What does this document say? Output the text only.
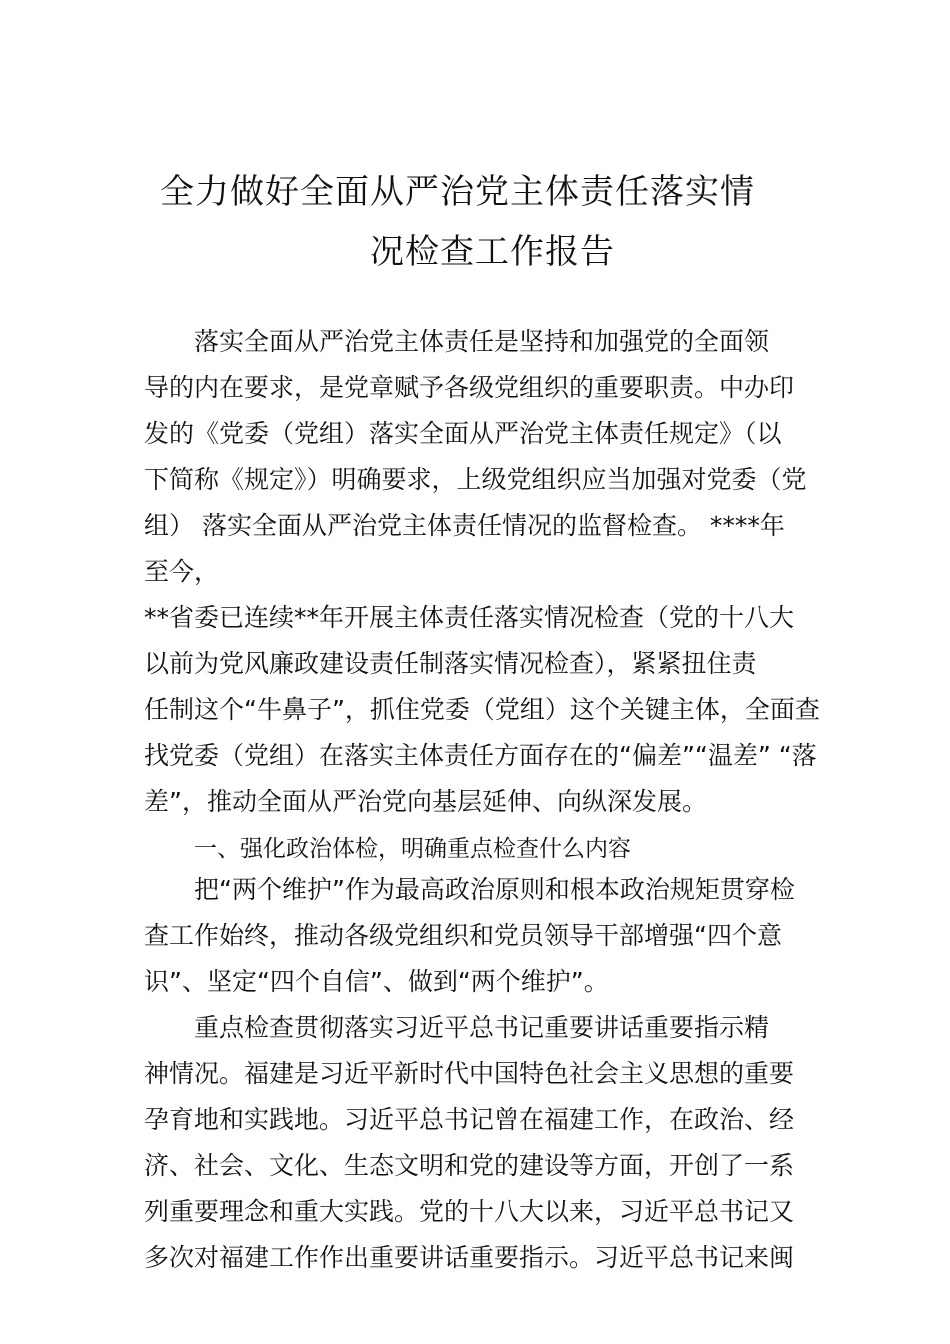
全力做好全面从严治党主体责任落实情
况检查工作报告
落实全面从严治党主体责任是坚持和加强党的全面领
导的内在要求，是党章赋予各级党组织的重要职责。中办印
发的《党委（党组）落实全面从严治党主体责任规定》（以
下简称《规定》）明确要求，上级党组织应当加强对党委（党
组） 落实全面从严治党主体责任情况的监督检查。 ****年
至今，
**省委已连续**年开展主体责任落实情况检查（党的十八大
以前为党风廉政建设责任制落实情况检查），紧紧扭住责
任制这个“牛鼻子”，抓住党委（党组）这个关键主体，全面查
找党委（党组）在落实主体责任方面存在的“偏差”“温差” “落
差”，推动全面从严治党向基层延伸、向纵深发展。
一、强化政治体检，明确重点检查什么内容
把“两个维护”作为最高政治原则和根本政治规矩贯穿检
查工作始终，推动各级党组织和党员领导干部增强“四个意
识”、坚定“四个自信”、做到“两个维护”。
重点检查贯彻落实习近平总书记重要讲话重要指示精
神情况。福建是习近平新时代中国特色社会主义思想的重要
孕育地和实践地。习近平总书记曾在福建工作，在政治、经
济、社会、文化、生态文明和党的建设等方面，开创了一系
列重要理念和重大实践。党的十八大以来，习近平总书记又
多次对福建工作作出重要讲话重要指示。习近平总书记来闽
